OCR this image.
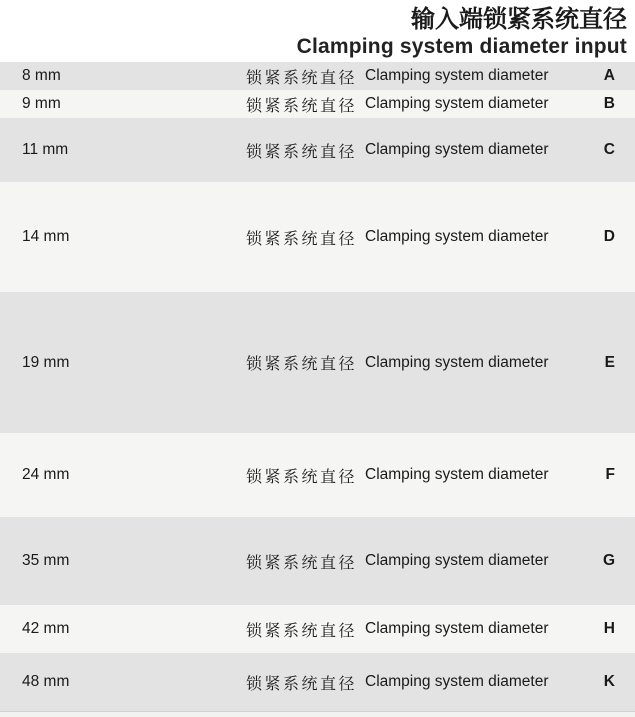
输入端锁紧系统直径
Clamping system diameter input
8 mm	锁紧系统直径 Clamping system diameter	A
9 mm	锁紧系统直径 Clamping system diameter	B
11 mm	锁紧系统直径 Clamping system diameter	C
14 mm	锁紧系统直径 Clamping system diameter	D
19 mm	锁紧系统直径 Clamping system diameter	E
24 mm	锁紧系统直径 Clamping system diameter	F
35 mm	锁紧系统直径 Clamping system diameter	G
42 mm	锁紧系统直径 Clamping system diameter	H
48 mm	锁紧系统直径 Clamping system diameter	K
